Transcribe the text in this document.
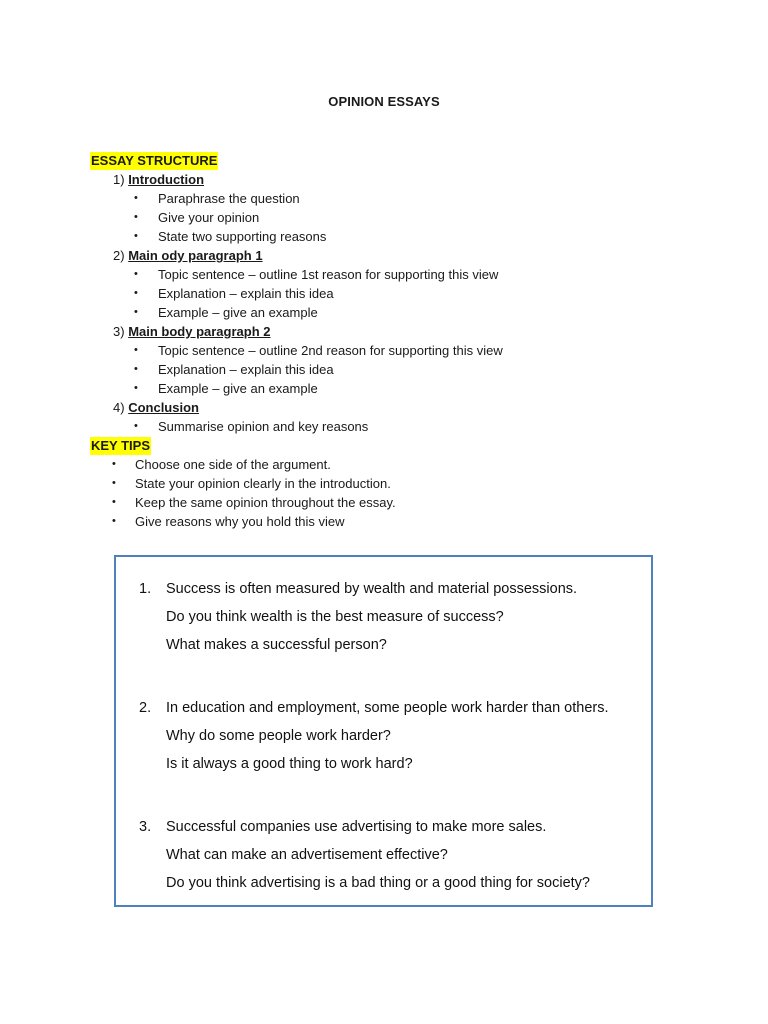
OPINION ESSAYS
ESSAY STRUCTURE
1) Introduction
• Paraphrase the question
• Give your opinion
• State two supporting reasons
2) Main ody paragraph 1
• Topic sentence – outline 1st reason for supporting this view
• Explanation – explain this idea
• Example – give an example
3) Main body paragraph 2
• Topic sentence – outline 2nd reason for supporting this view
• Explanation – explain this idea
• Example – give an example
4) Conclusion
• Summarise opinion and key reasons
KEY TIPS
• Choose one side of the argument.
• State your opinion clearly in the introduction.
• Keep the same opinion throughout the essay.
• Give reasons why you hold this view
1. Success is often measured by wealth and material possessions.
Do you think wealth is the best measure of success?
What makes a successful person?
2. In education and employment, some people work harder than others.
Why do some people work harder?
Is it always a good thing to work hard?
3. Successful companies use advertising to make more sales.
What can make an advertisement effective?
Do you think advertising is a bad thing or a good thing for society?
